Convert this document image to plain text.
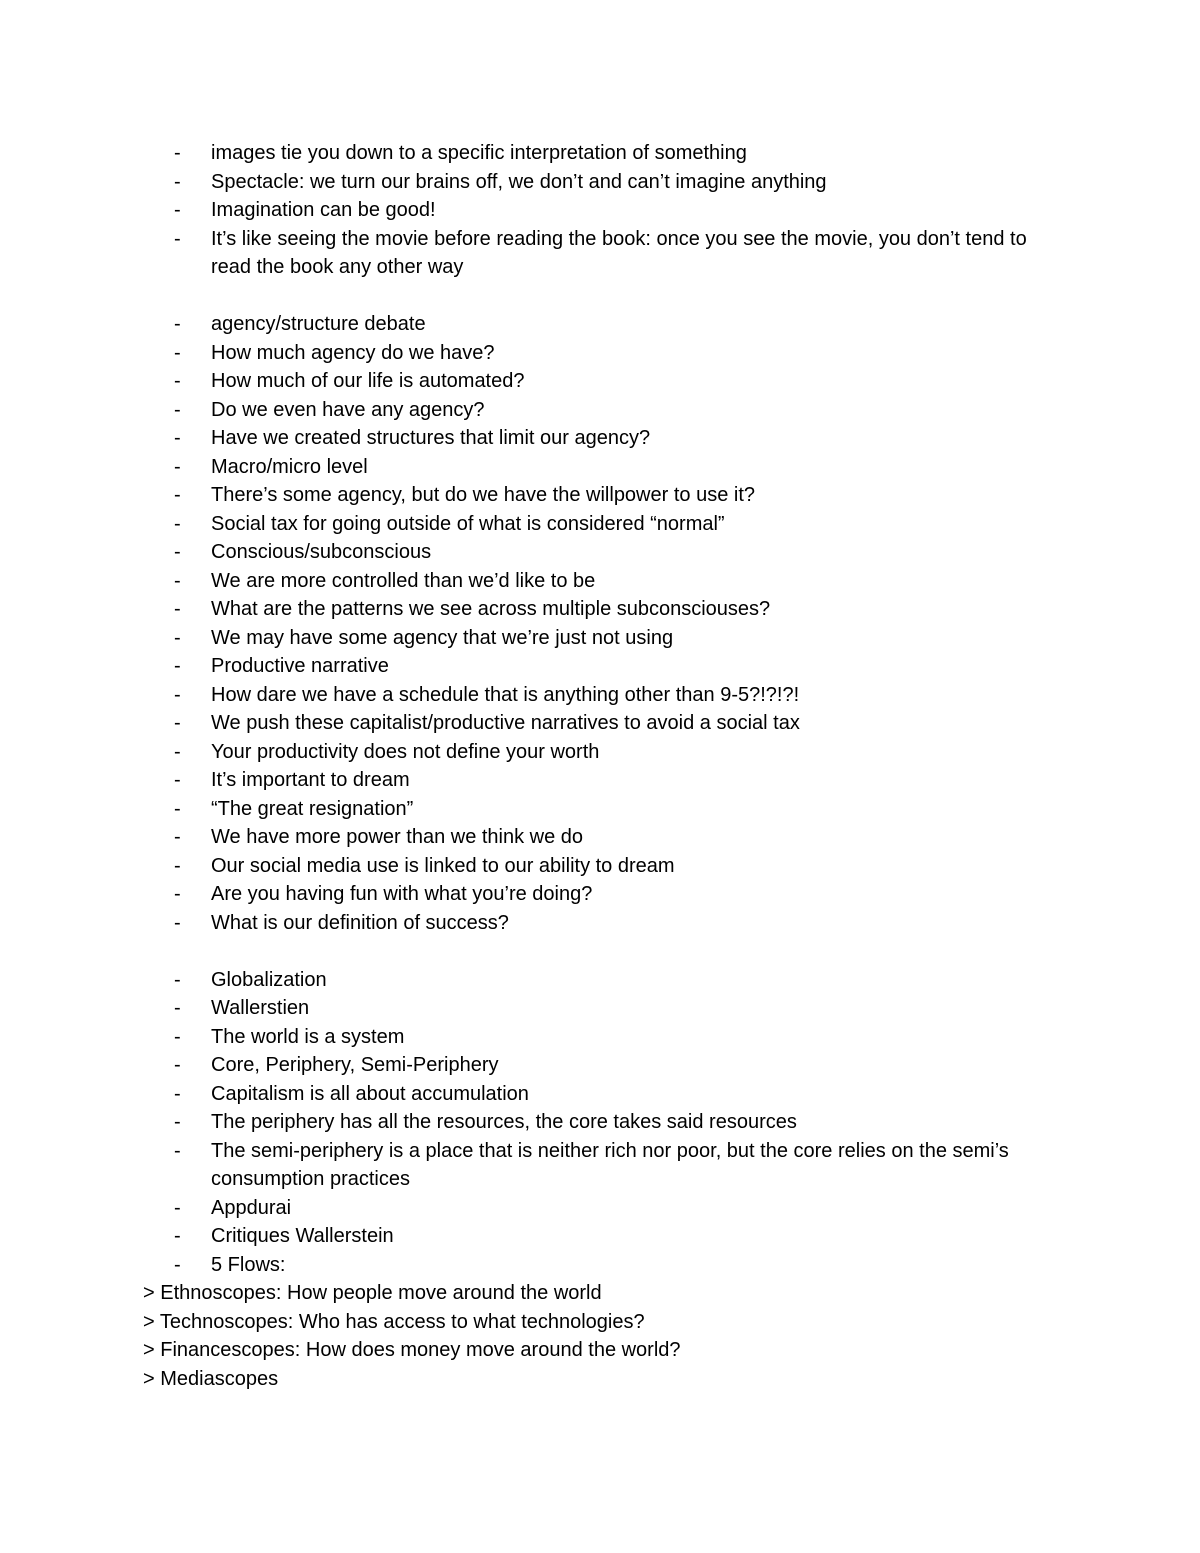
- images tie you down to a specific interpretation of something
- Spectacle: we turn our brains off, we don’t and can’t imagine anything
- Imagination can be good!
- It’s like seeing the movie before reading the book: once you see the movie, you don’t tend to read the book any other way
- agency/structure debate
- How much agency do we have?
- How much of our life is automated?
- Do we even have any agency?
- Have we created structures that limit our agency?
- Macro/micro level
- There’s some agency, but do we have the willpower to use it?
- Social tax for going outside of what is considered “normal”
- Conscious/subconscious
- We are more controlled than we’d like to be
- What are the patterns we see across multiple subconsciouses?
- We may have some agency that we’re just not using
- Productive narrative
- How dare we have a schedule that is anything other than 9-5?!?!?!
- We push these capitalist/productive narratives to avoid a social tax
- Your productivity does not define your worth
- It’s important to dream
- “The great resignation”
- We have more power than we think we do
- Our social media use is linked to our ability to dream
- Are you having fun with what you’re doing?
- What is our definition of success?
- Globalization
- Wallerstien
- The world is a system
- Core, Periphery, Semi-Periphery
- Capitalism is all about accumulation
- The periphery has all the resources, the core takes said resources
- The semi-periphery is a place that is neither rich nor poor, but the core relies on the semi’s consumption practices
- Appdurai
- Critiques Wallerstein
- 5 Flows:
> Ethnoscopes: How people move around the world
> Technoscopes: Who has access to what technologies?
> Financescopes: How does money move around the world?
> Mediascopes
